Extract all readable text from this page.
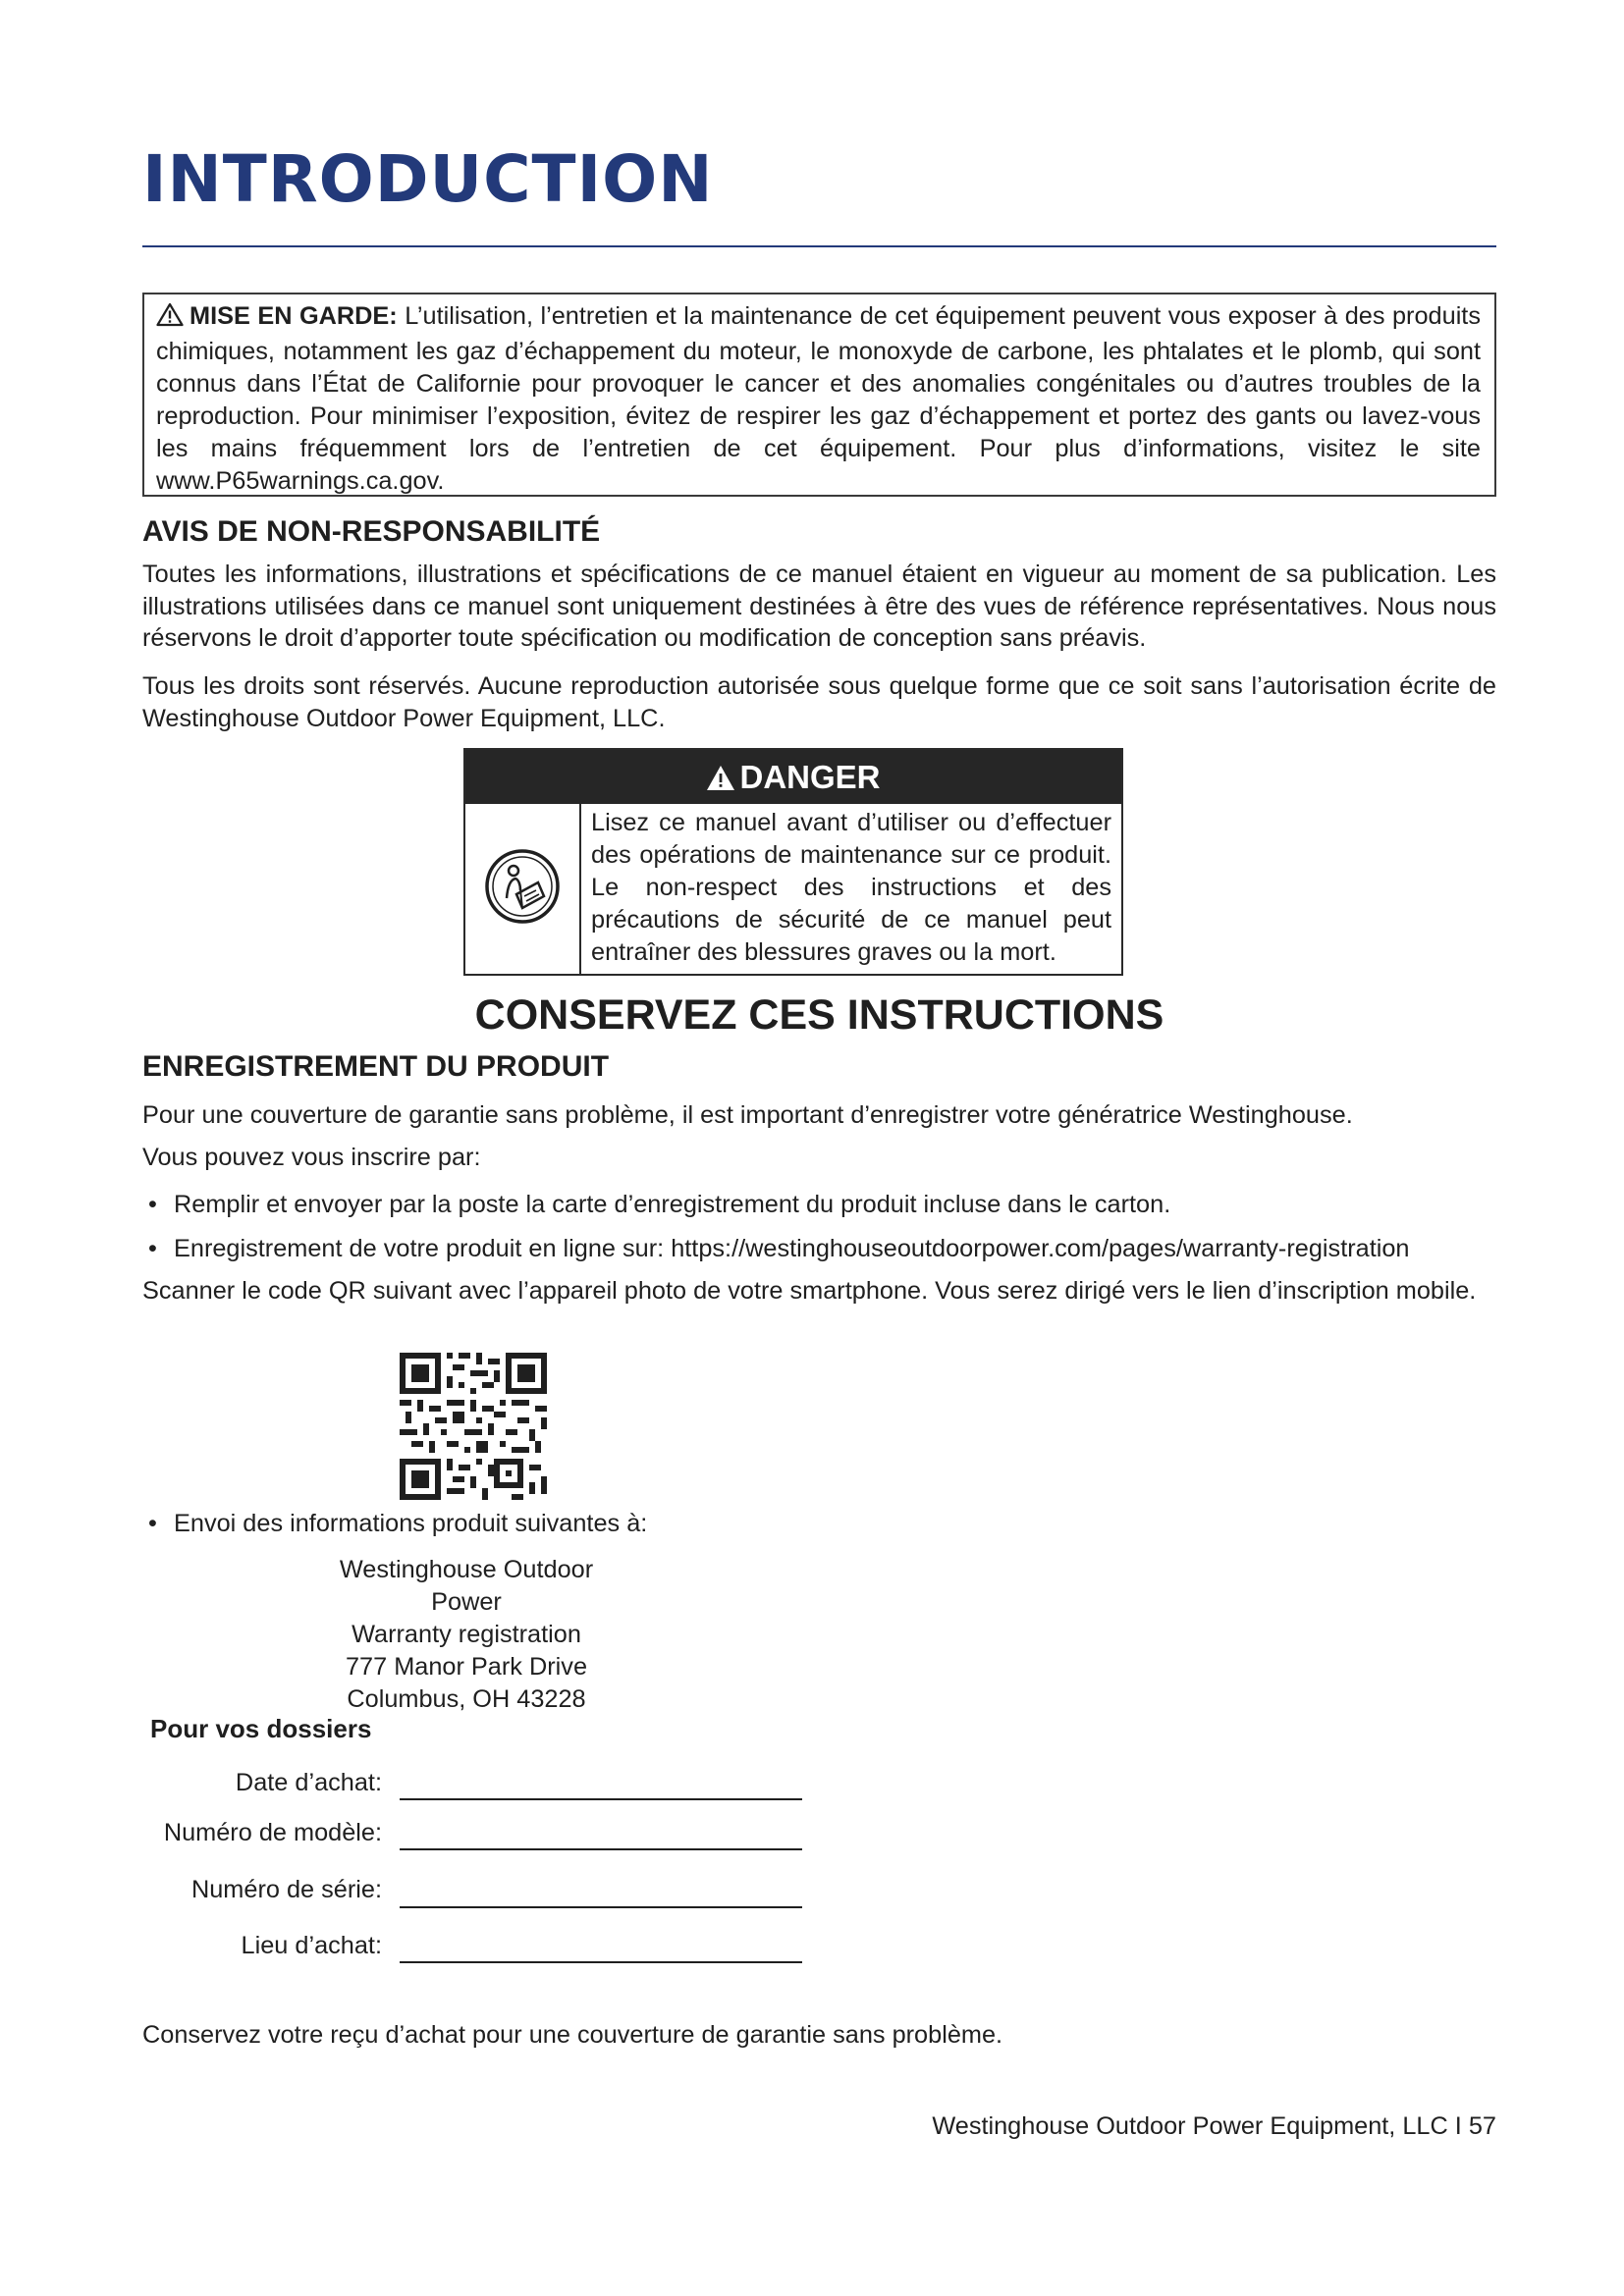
INTRODUCTION
MISE EN GARDE: L’utilisation, l’entretien et la maintenance de cet équipement peuvent vous exposer à des produits chimiques, notamment les gaz d’échappement du moteur, le monoxyde de carbone, les phtalates et le plomb, qui sont connus dans l’État de Californie pour provoquer le cancer et des anomalies congénitales ou d’autres troubles de la reproduction. Pour minimiser l’exposition, évitez de respirer les gaz d’échappement et portez des gants ou lavez-vous les mains fréquemment lors de l’entretien de cet équipement. Pour plus d’informations, visitez le site www.P65warnings.ca.gov.
AVIS DE NON-RESPONSABILITÉ

Toutes les informations, illustrations et spécifications de ce manuel étaient en vigueur au moment de sa publication. Les illustrations utilisées dans ce manuel sont uniquement destinées à être des vues de référence représentatives. Nous nous réservons le droit d’apporter toute spécification ou modification de conception sans préavis.

Tous les droits sont réservés. Aucune reproduction autorisée sous quelque forme que ce soit sans l’autorisation écrite de Westinghouse Outdoor Power Equipment, LLC.

DANGER
Lisez ce manuel avant d’utiliser ou d’effectuer des opérations de maintenance sur ce produit. Le non-respect des instructions et des précautions de sécurité de ce manuel peut entraîner des blessures graves ou la mort.
CONSERVEZ CES INSTRUCTIONS
ENREGISTREMENT DU PRODUIT

Pour une couverture de garantie sans problème, il est important d’enregistrer votre génératrice Westinghouse.

Vous pouvez vous inscrire par:

• Remplir et envoyer par la poste la carte d’enregistrement du produit incluse dans le carton.
• Enregistrement de votre produit en ligne sur: https://westinghouseoutdoorpower.com/pages/warranty-registration

Scanner le code QR suivant avec l’appareil photo de votre smartphone. Vous serez dirigé vers le lien d’inscription mobile.

• Envoi des informations produit suivantes à:
Westinghouse Outdoor Power
Warranty registration
777 Manor Park Drive
Columbus, OH 43228
Pour vos dossiers
Date d’achat:
Numéro de modèle:
Numéro de série:
Lieu d’achat:

Conservez votre reçu d’achat pour une couverture de garantie sans problème.

Westinghouse Outdoor Power Equipment, LLC I 57
